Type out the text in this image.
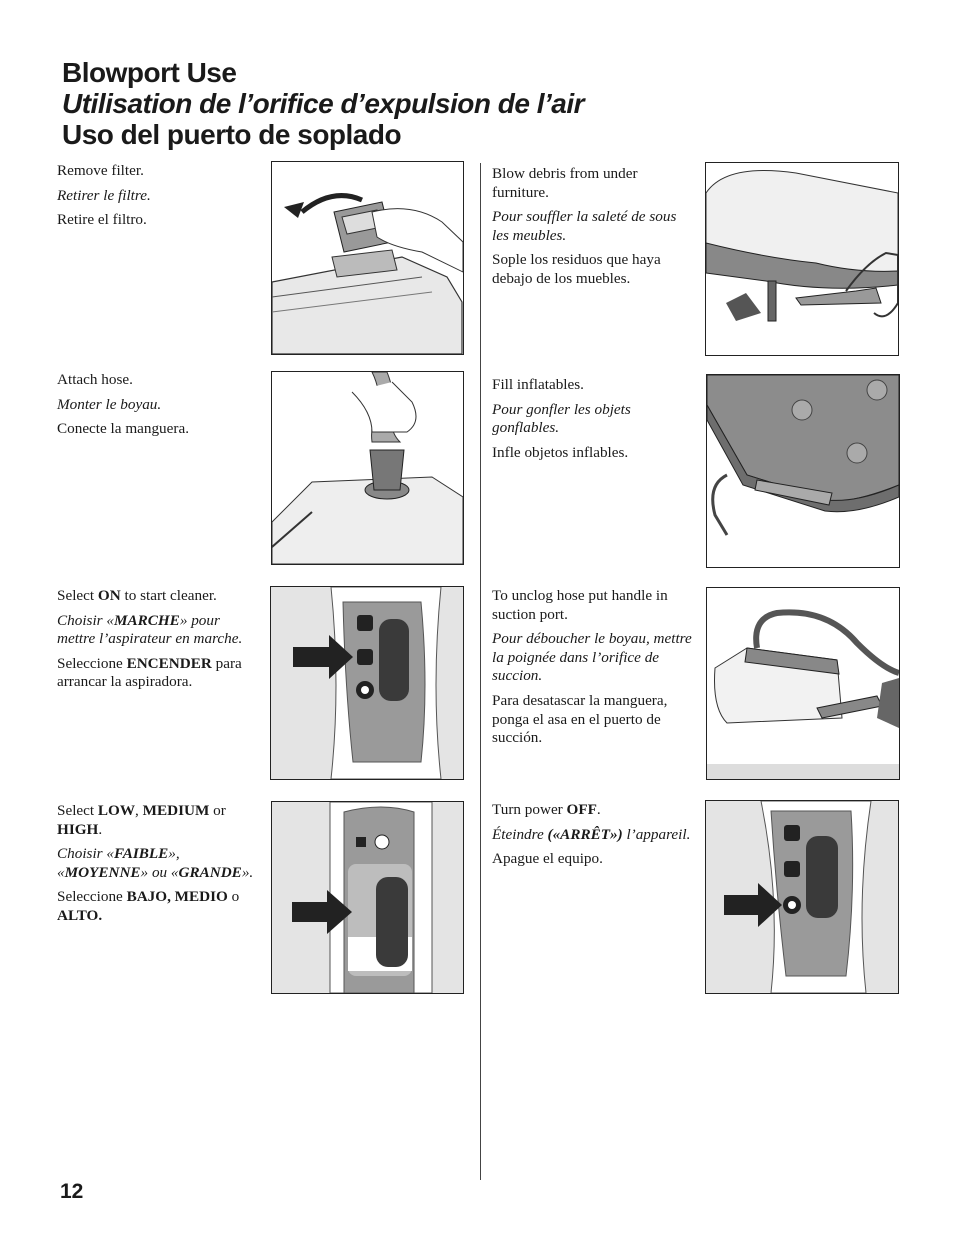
Blowport Use
Utilisation de l’orifice d’expulsion de l’air
Uso del puerto de soplado

Remove filter.

Retirer le filtre.

Retire el filtro.

Attach hose.

Monter le boyau.

Conecte la manguera.

Select ON to start cleaner.

Choisir «MARCHE» pour mettre l’aspirateur en marche.

Seleccione ENCENDER para arrancar la aspiradora.

Select LOW, MEDIUM or HIGH.

Choisir «FAIBLE», «MOYENNE» ou «GRANDE».

Seleccione BAJO, MEDIO o ALTO.

Blow debris from under furniture.

Pour souffler la saleté de sous les meubles.

Sople los residuos que haya debajo de los muebles.

Fill inflatables.

Pour gonfler les objets gonflables.

Infle objetos inflables.

To unclog hose put handle in suction port.

Pour déboucher le boyau, mettre la poignée dans l’orifice de succion.

Para desatascar la manguera, ponga el asa en el puerto de succión.

Turn power OFF.

Éteindre («ARRÊT») l’appareil.

Apague el equipo.

12
